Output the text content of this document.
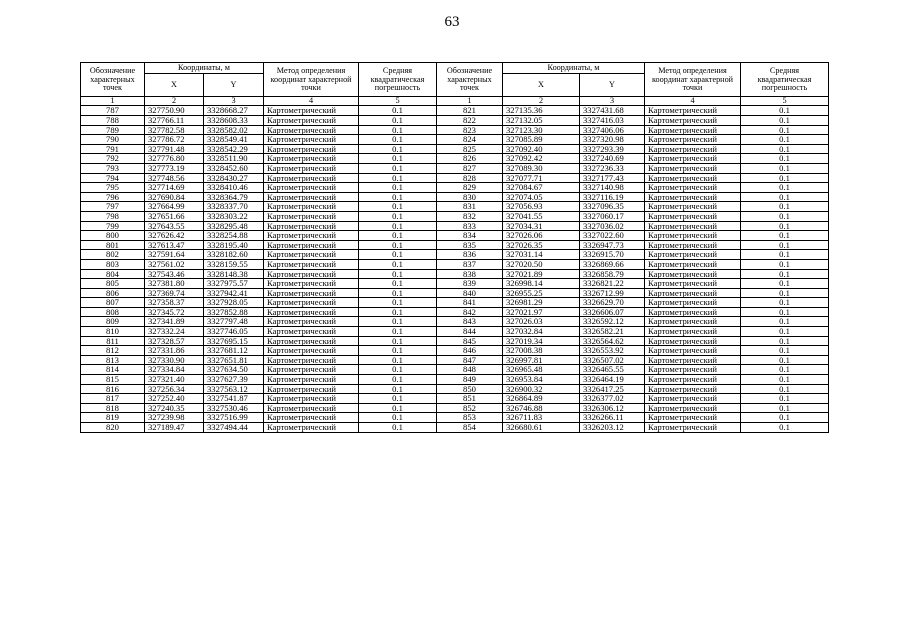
63
Обозначение характерных точек	Координаты, м		Метод определения координат характерной точки	Средняя квадратическая погрешность	Обозначение характерных точек	Координаты, м		Метод определения координат характерной точки	Средняя квадратическая погрешность
	X	Y				X	Y		
1	2	3	4	5	1	2	3	4	5
787	327750.90	3328668.27	Картометрический	0.1	821	327135.36	3327431.68	Картометрический	0.1
788	327766.11	3328608.33	Картометрический	0.1	822	327132.05	3327416.03	Картометрический	0.1
789	327782.58	3328582.02	Картометрический	0.1	823	327123.30	3327406.06	Картометрический	0.1
790	327786.72	3328549.41	Картометрический	0.1	824	327085.89	3327320.98	Картометрический	0.1
791	327791.48	3328542.29	Картометрический	0.1	825	327092.40	3327293.39	Картометрический	0.1
792	327776.80	3328511.90	Картометрический	0.1	826	327092.42	3327240.69	Картометрический	0.1
793	327773.19	3328452.60	Картометрический	0.1	827	327089.30	3327236.33	Картометрический	0.1
794	327748.56	3328430.27	Картометрический	0.1	828	327077.71	3327177.43	Картометрический	0.1
795	327714.69	3328410.46	Картометрический	0.1	829	327084.67	3327140.98	Картометрический	0.1
796	327690.84	3328364.79	Картометрический	0.1	830	327074.05	3327116.19	Картометрический	0.1
797	327664.99	3328337.70	Картометрический	0.1	831	327056.93	3327096.35	Картометрический	0.1
798	327651.66	3328303.22	Картометрический	0.1	832	327041.55	3327060.17	Картометрический	0.1
799	327643.55	3328295.48	Картометрический	0.1	833	327034.31	3327036.02	Картометрический	0.1
800	327626.42	3328254.88	Картометрический	0.1	834	327026.06	3327022.60	Картометрический	0.1
801	327613.47	3328195.40	Картометрический	0.1	835	327026.35	3326947.73	Картометрический	0.1
802	327591.64	3328182.60	Картометрический	0.1	836	327031.14	3326915.70	Картометрический	0.1
803	327561.02	3328159.55	Картометрический	0.1	837	327020.50	3326869.66	Картометрический	0.1
804	327543.46	3328148.38	Картометрический	0.1	838	327021.89	3326858.79	Картометрический	0.1
805	327381.80	3327975.57	Картометрический	0.1	839	326998.14	3326821.22	Картометрический	0.1
806	327369.74	3327942.41	Картометрический	0.1	840	326955.25	3326712.99	Картометрический	0.1
807	327358.37	3327928.05	Картометрический	0.1	841	326981.29	3326629.70	Картометрический	0.1
808	327345.72	3327852.88	Картометрический	0.1	842	327021.97	3326606.07	Картометрический	0.1
809	327341.89	3327797.48	Картометрический	0.1	843	327026.03	3326592.12	Картометрический	0.1
810	327332.24	3327746.05	Картометрический	0.1	844	327032.84	3326582.21	Картометрический	0.1
811	327328.57	3327695.15	Картометрический	0.1	845	327019.34	3326564.62	Картометрический	0.1
812	327331.86	3327681.12	Картометрический	0.1	846	327008.38	3326553.92	Картометрический	0.1
813	327330.90	3327651.81	Картометрический	0.1	847	326997.81	3326507.02	Картометрический	0.1
814	327334.84	3327634.50	Картометрический	0.1	848	326965.48	3326465.55	Картометрический	0.1
815	327321.40	3327627.39	Картометрический	0.1	849	326953.84	3326464.19	Картометрический	0.1
816	327256.34	3327563.12	Картометрический	0.1	850	326900.32	3326417.25	Картометрический	0.1
817	327252.40	3327541.87	Картометрический	0.1	851	326864.89	3326377.02	Картометрический	0.1
818	327240.35	3327530.46	Картометрический	0.1	852	326746.88	3326306.12	Картометрический	0.1
819	327239.98	3327516.99	Картометрический	0.1	853	326711.83	3326266.11	Картометрический	0.1
820	327189.47	3327494.44	Картометрический	0.1	854	326680.61	3326203.12	Картометрический	0.1
